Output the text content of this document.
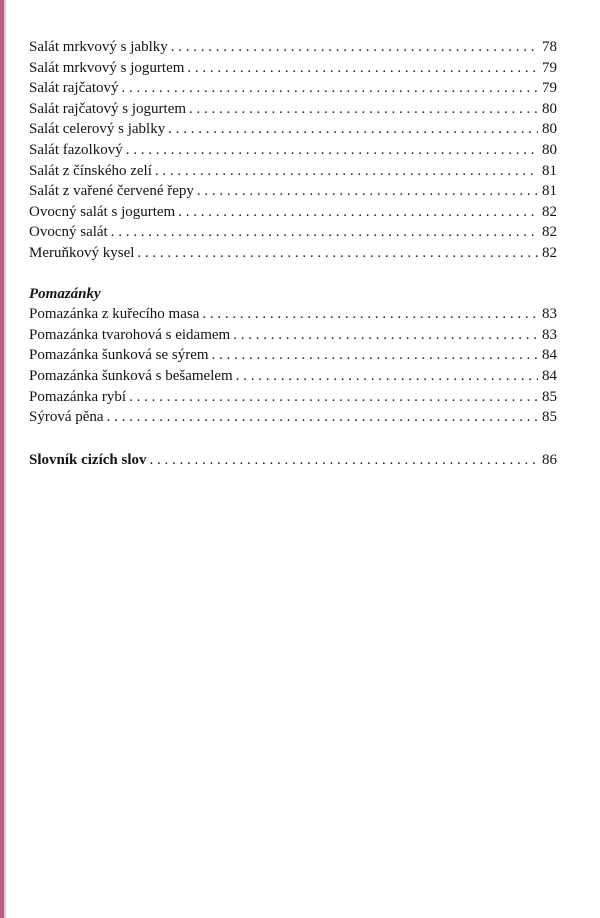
Salát mrkvový s jablky . . .	78
Salát mrkvový s jogurtem . . .	79
Salát rajčatový . . .	79
Salát rajčatový s jogurtem . . .	80
Salát celerový s jablky . . .	80
Salát fazolkový . . .	80
Salát z čínského zelí . . .	81
Salát z vařené červené řepy . . .	81
Ovocný salát s jogurtem . . .	82
Ovocný salát . . .	82
Meruňkový kysel . . .	82
Pomazánky
Pomazánka z kuřecího masa . . .	83
Pomazánka tvarohová s eidamem . . .	83
Pomazánka šunková se sýrem . . .	84
Pomazánka šunková s bešamelem . . .	84
Pomazánka rybí . . .	85
Sýrová pěna . . .	85
Slovník cizích slov . . .	86
